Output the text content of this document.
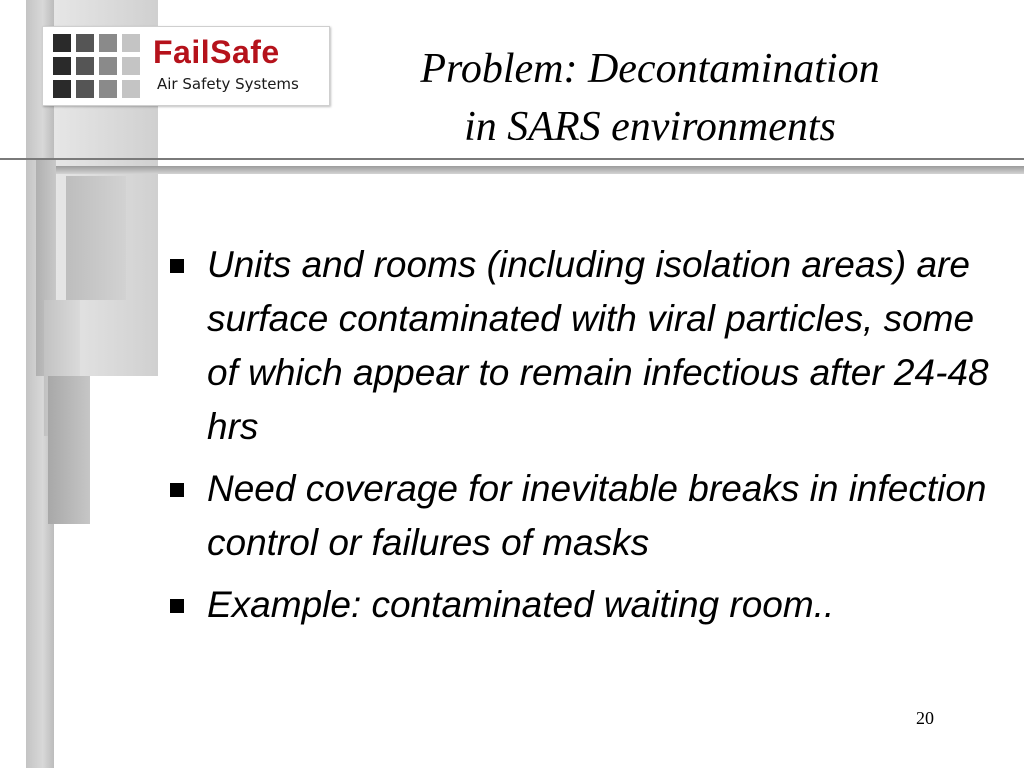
FailSafe
Air Safety Systems	Problem: Decontamination
in SARS environments
Units and rooms (including isolation areas) are surface contaminated with viral particles, some of which appear to remain infectious after 24-48 hrs
Need coverage for inevitable breaks in infection control or failures of masks
Example: contaminated waiting room..
20
